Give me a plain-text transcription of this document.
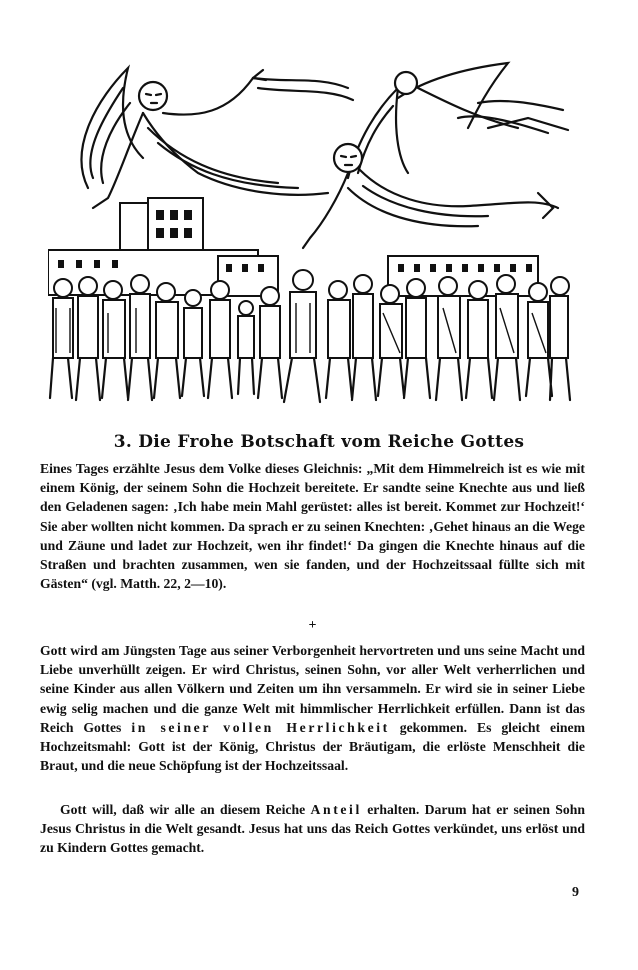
3. Die Frohe Botschaft vom Reiche Gottes
Eines Tages erzählte Jesus dem Volke dieses Gleichnis: „Mit dem Himmelreich ist es wie mit einem König, der seinem Sohn die Hochzeit bereitete. Er sandte seine Knechte aus und ließ den Geladenen sagen: ‚Ich habe mein Mahl gerüstet: alles ist bereit. Kommet zur Hochzeit!‘ Sie aber wollten nicht kommen. Da sprach er zu seinen Knechten: ‚Gehet hinaus an die Wege und Zäune und ladet zur Hochzeit, wen ihr findet!‘ Da gingen die Knechte hinaus auf die Straßen und brachten zusammen, wen sie fanden, und der Hochzeitssaal füllte sich mit Gästen“ (vgl. Matth. 22, 2—10).
+
Gott wird am Jüngsten Tage aus seiner Verborgenheit hervortreten und uns seine Macht und Liebe unverhüllt zeigen. Er wird Christus, seinen Sohn, vor aller Welt verherrlichen und seine Kinder aus allen Völkern und Zeiten um ihn versammeln. Er wird sie in seiner Liebe ewig selig machen und die ganze Welt mit himmlischer Herrlichkeit erfüllen. Dann ist das Reich Gottes in seiner vollen Herrlichkeit gekommen. Es gleicht einem Hochzeitsmahl: Gott ist der König, Christus der Bräutigam, die erlöste Menschheit die Braut, und die neue Schöpfung ist der Hochzeitssaal.
Gott will, daß wir alle an diesem Reiche Anteil erhalten. Darum hat er seinen Sohn Jesus Christus in die Welt gesandt. Jesus hat uns das Reich Gottes verkündet, uns erlöst und zu Kindern Gottes gemacht.
9
